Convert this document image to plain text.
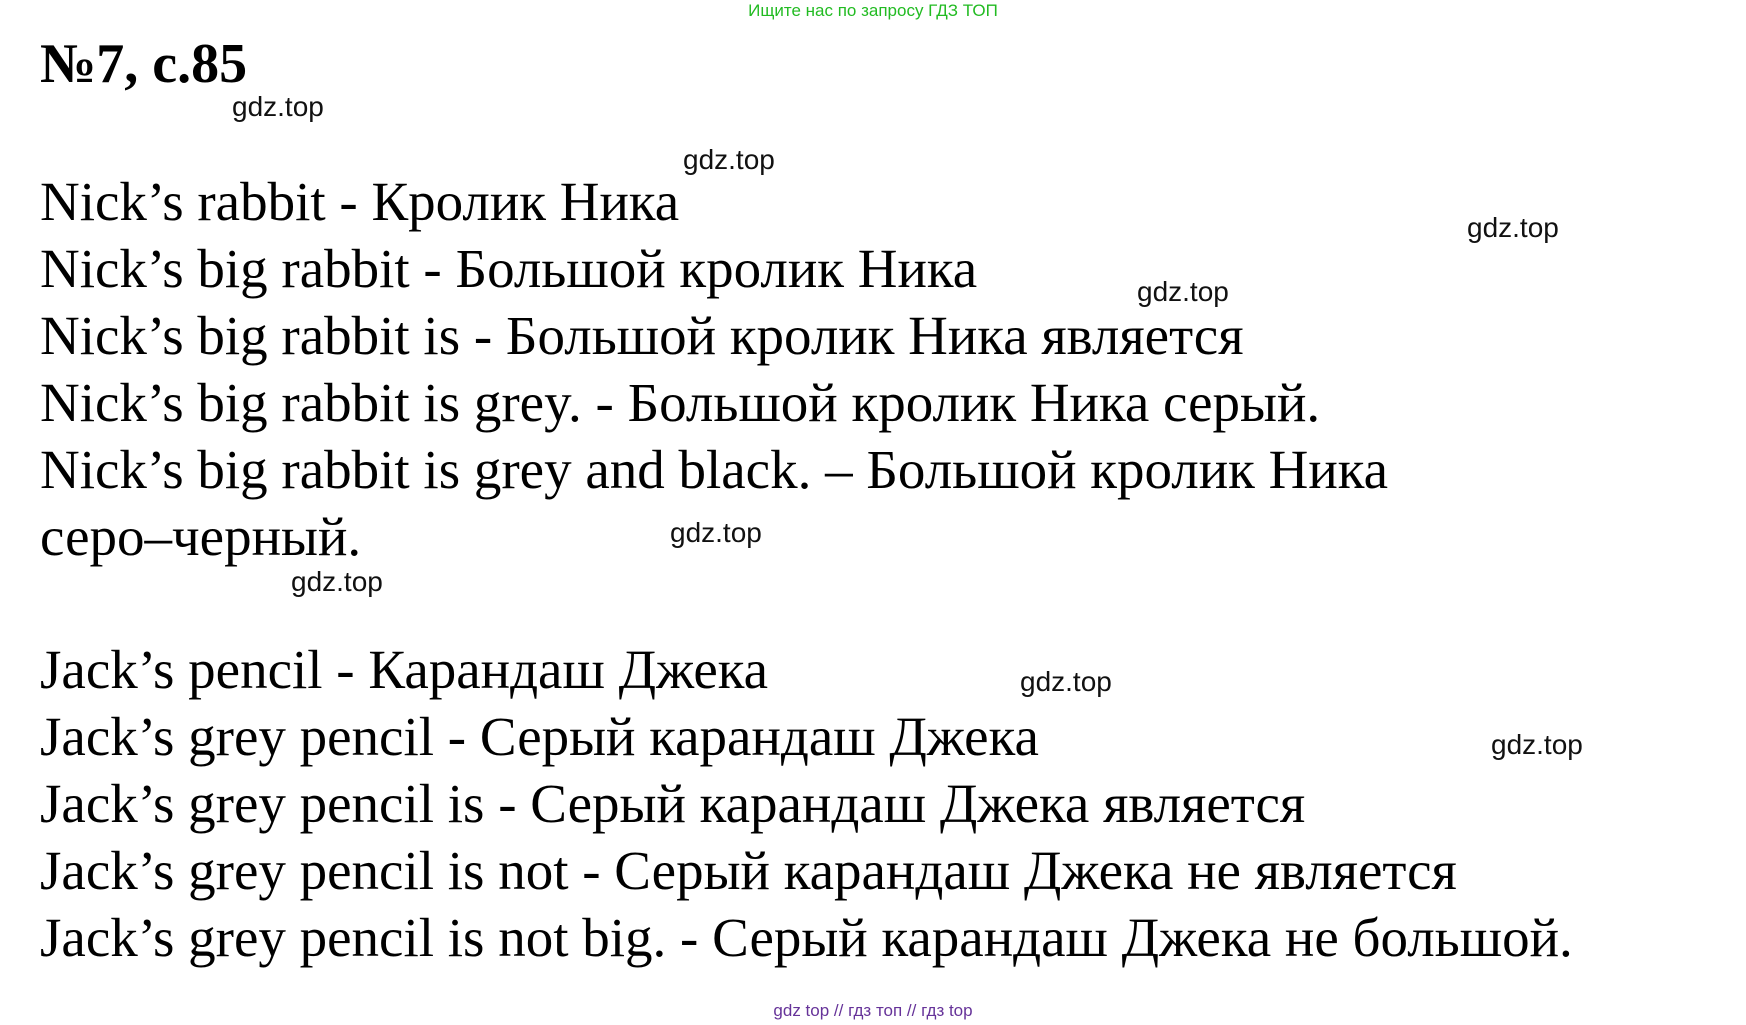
Ищите нас по запросу ГДЗ ТОП
№7, с.85
Nick’s rabbit - Кролик Ника
Nick’s big rabbit - Большой кролик Ника
Nick’s big rabbit is - Большой кролик Ника является
Nick’s big rabbit is grey. - Большой кролик Ника серый.
Nick’s big rabbit is grey and black. – Большой кролик Ника
серо–черный.
Jack’s pencil - Карандаш Джека
Jack’s grey pencil - Серый карандаш Джека
Jack’s grey pencil is - Серый карандаш Джека является
Jack’s grey pencil is not - Серый карандаш Джека не является
Jack’s grey pencil is not big. - Серый карандаш Джека не большой.
gdz.top
gdz.top
gdz.top
gdz.top
gdz.top
gdz.top
gdz.top
gdz.top
gdz top // гдз топ // гдз top
